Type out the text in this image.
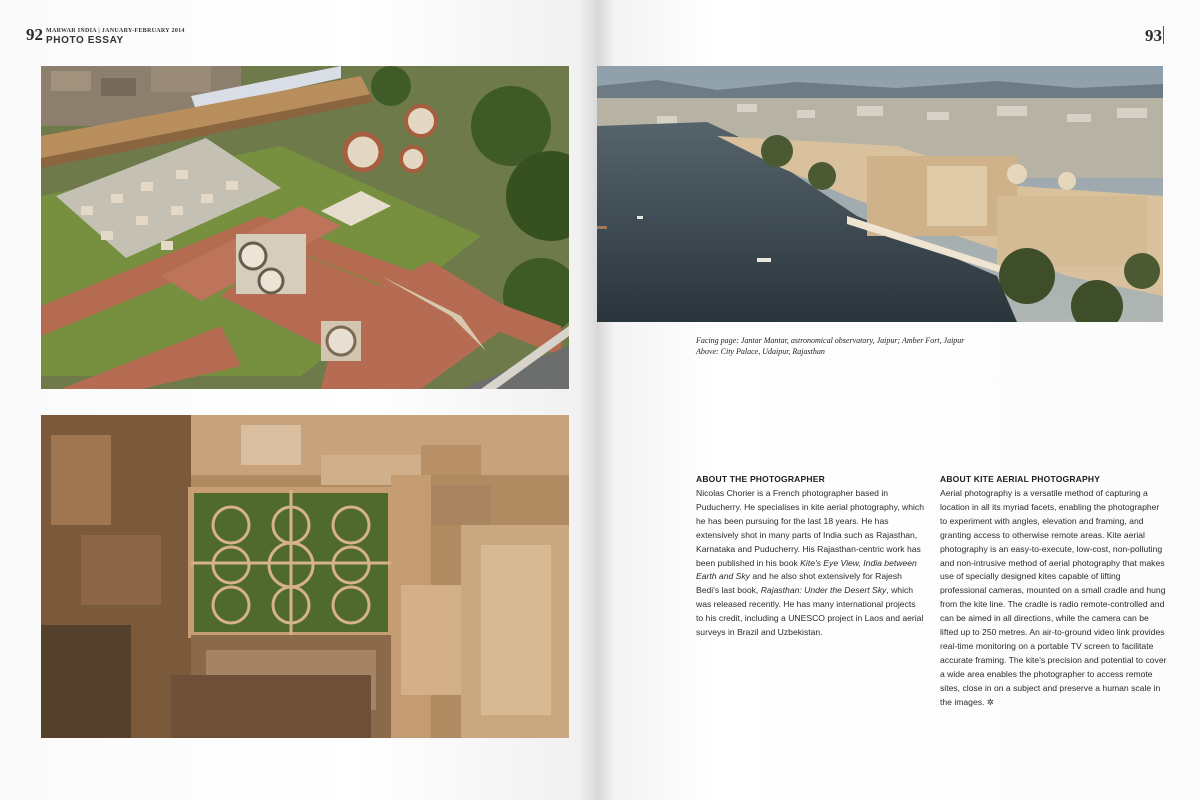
92 MARWAR INDIA | JANUARY-FEBRUARY 2014
PHOTO ESSAY	93
Facing page: Jantar Mantar, astronomical observatory, Jaipur; Amber Fort, Jaipur
Above: City Palace, Udaipur, Rajasthan
ABOUT THE PHOTOGRAPHER

Nicolas Chorier is a French photographer based in Puducherry. He specialises in kite aerial photography, which he has been pursuing for the last 18 years. He has extensively shot in many parts of India such as Rajasthan, Karnataka and Puducherry. His Rajasthan-centric work has been published in his book Kite's Eye View, India between Earth and Sky and he also shot extensively for Rajesh Bedi's last book, Rajasthan: Under the Desert Sky, which was released recently. He has many international projects to his credit, including a UNESCO project in Laos and aerial surveys in Brazil and Uzbekistan.

ABOUT KITE AERIAL PHOTOGRAPHY

Aerial photography is a versatile method of capturing a location in all its myriad facets, enabling the photographer to experiment with angles, elevation and framing, and granting access to otherwise remote areas. Kite aerial photography is an easy-to-execute, low-cost, non-polluting and non-intrusive method of aerial photography that makes use of specially designed kites capable of lifting professional cameras, mounted on a small cradle and hung from the kite line. The cradle is radio remote-controlled and can be aimed in all directions, while the camera can be lifted up to 250 metres. An air-to-ground video link provides real-time monitoring on a portable TV screen to facilitate accurate framing. The kite's precision and potential to cover a wide area enables the photographer to access remote sites, close in on a subject and preserve a human scale in the images. ✲
